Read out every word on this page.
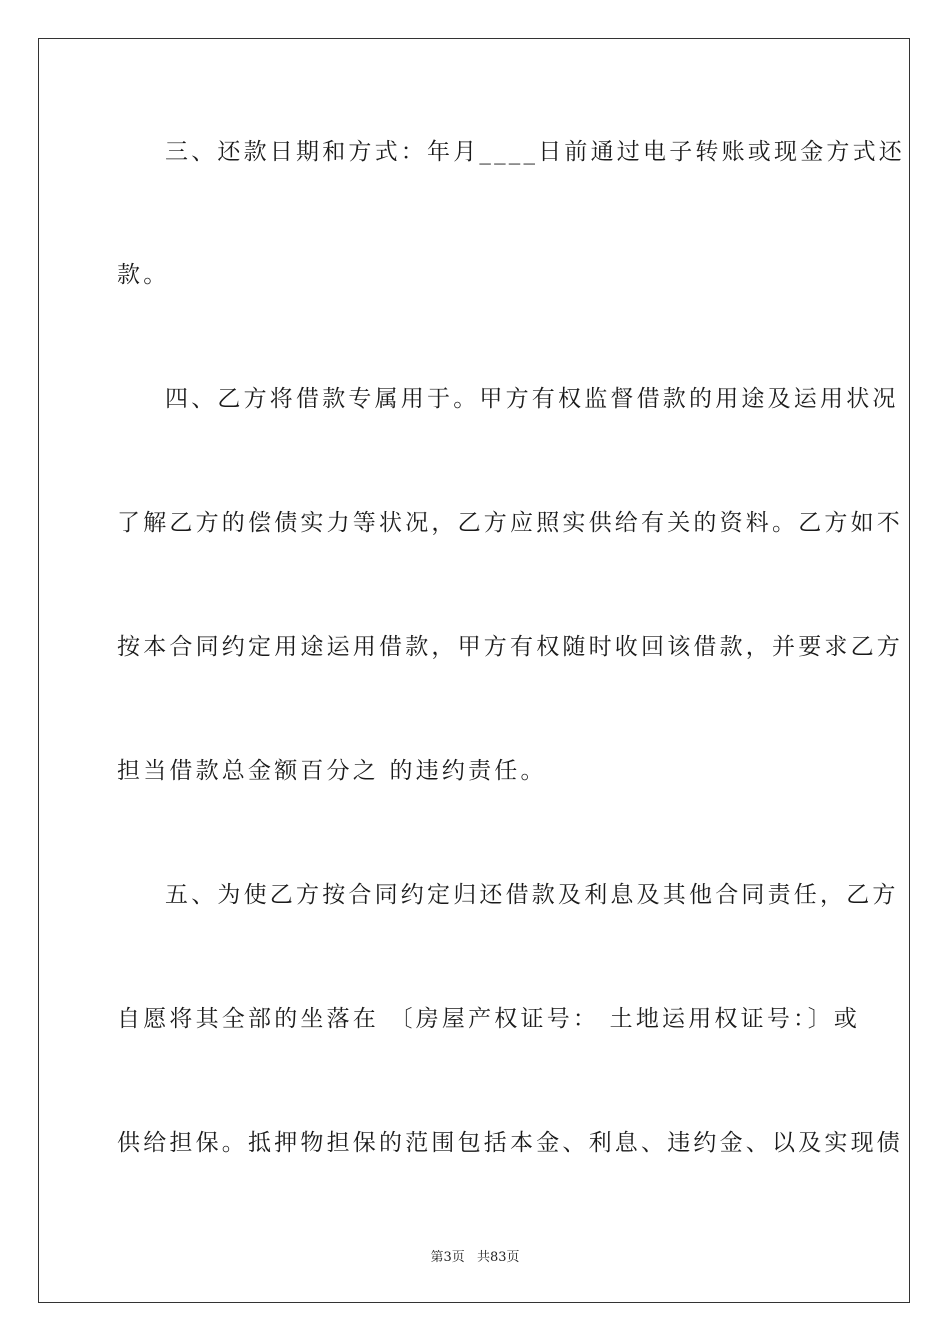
三、还款日期和方式：年月____日前通过电子转账或现金方式还
款。
四、乙方将借款专属用于。甲方有权监督借款的用途及运用状况
了解乙方的偿债实力等状况，乙方应照实供给有关的资料。乙方如不
按本合同约定用途运用借款，甲方有权随时收回该借款，并要求乙方
担当借款总金额百分之 的违约责任。
五、为使乙方按合同约定归还借款及利息及其他合同责任，乙方
自愿将其全部的坐落在 〔房屋产权证号： 土地运用权证号：〕或
供给担保。抵押物担保的范围包括本金、利息、违约金、以及实现债
第3页 共83页
